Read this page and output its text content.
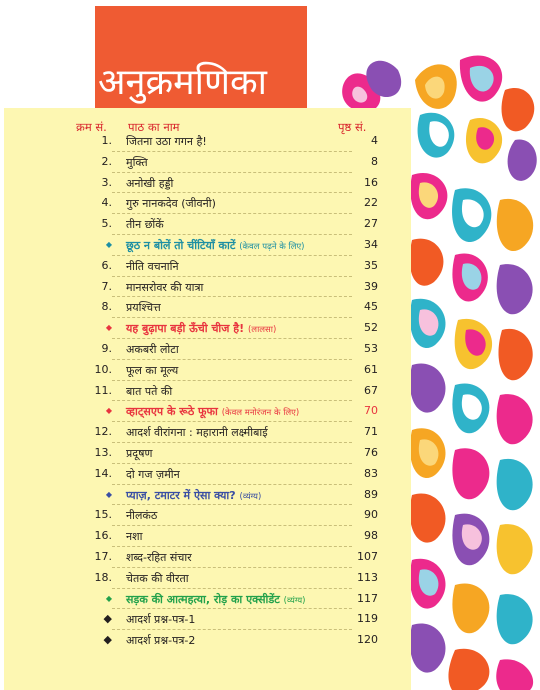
अनुक्रमणिका
क्रम सं. पाठ का नाम	पृष्ठ सं.
1. जितना उठा गगन है!	4
2. मुक्ति	8
3. अनोखी हड्डी	16
4. गुरु नानकदेव (जीवनी)	22
5. तीन छोंकें	27
◆ छूठ न बोलें तो चींटियाँ काटें (केवल पढ़ने के लिए)	34
6. नीति वचनानि	35
7. मानसरोवर की यात्रा	39
8. प्रयश्चित्त	45
◆ यह बुढ़ापा बड़ी ऊँची चीज है! (लालसा)	52
9. अकबरी लोटा	53
10. फूल का मूल्य	61
11. बात पते की	67
◆ व्हाट्सएप के रूठे फूफा (केवल मनोरंजन के लिए)	70
12. आदर्श वीरांगना : महारानी लक्ष्मीबाई	71
13. प्रदूषण	76
14. दो गज ज़मीन	83
◆ प्याज़, टमाटर में ऐसा क्या? (व्यंग्य)	89
15. नीलकंठ	90
16. नशा	98
17. शब्द-रहित संचार	107
18. चेतक की वीरता	113
◆ सड़क की आत्महत्या, रोड़ का एक्सीडेंट (व्यंग्य)	117
◆ आदर्श प्रश्न-पत्र-1	119
◆ आदर्श प्रश्न-पत्र-2	120
